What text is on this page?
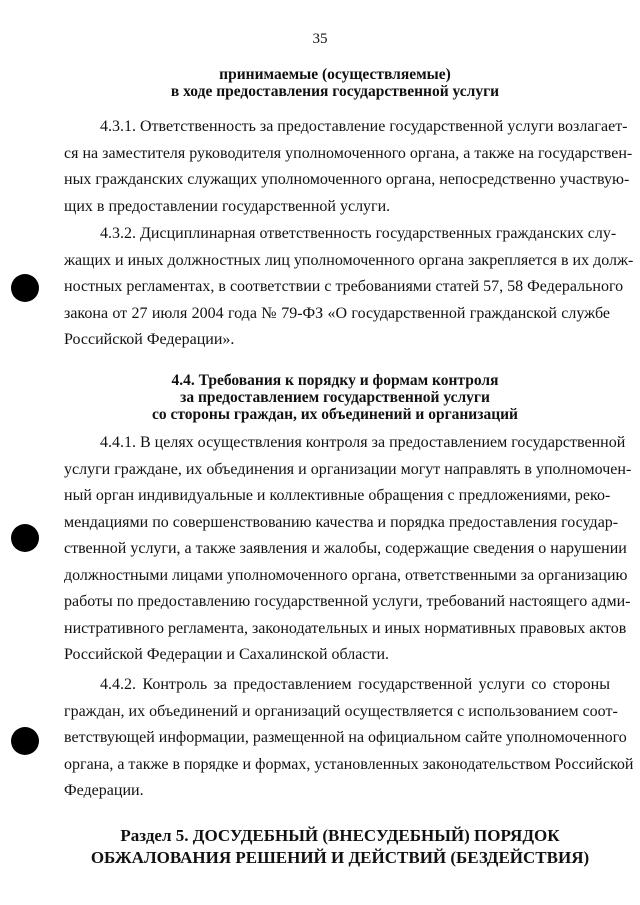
35
принимаемые (осуществляемые)
в ходе предоставления государственной услуги
4.3.1. Ответственность за предоставление государственной услуги возлагает-
ся на заместителя руководителя уполномоченного органа, а также на государствен-
ных гражданских служащих уполномоченного органа, непосредственно участвую-
щих в предоставлении государственной услуги.
4.3.2. Дисциплинарная ответственность государственных гражданских слу-
жащих и иных должностных лиц уполномоченного органа закрепляется в их долж-
ностных регламентах, в соответствии с требованиями статей 57, 58 Федерального
закона от 27 июля 2004 года № 79-ФЗ «О государственной гражданской службе
Российской Федерации».
4.4. Требования к порядку и формам контроля
за предоставлением государственной услуги
со стороны граждан, их объединений и организаций
4.4.1. В целях осуществления контроля за предоставлением государственной
услуги граждане, их объединения и организации могут направлять в уполномочен-
ный орган индивидуальные и коллективные обращения с предложениями, реко-
мендациями по совершенствованию качества и порядка предоставления государ-
ственной услуги, а также заявления и жалобы, содержащие сведения о нарушении
должностными лицами уполномоченного органа, ответственными за организацию
работы по предоставлению государственной услуги, требований настоящего адми-
нистративного регламента, законодательных и иных нормативных правовых актов
Российской Федерации и Сахалинской области.
4.4.2. Контроль за предоставлением государственной услуги со стороны
граждан, их объединений и организаций осуществляется с использованием соот-
ветствующей информации, размещенной на официальном сайте уполномоченного
органа, а также в порядке и формах, установленных законодательством Российской
Федерации.
Раздел 5. ДОСУДЕБНЫЙ (ВНЕСУДЕБНЫЙ) ПОРЯДОК
ОБЖАЛОВАНИЯ РЕШЕНИЙ И ДЕЙСТВИЙ (БЕЗДЕЙСТВИЯ)
